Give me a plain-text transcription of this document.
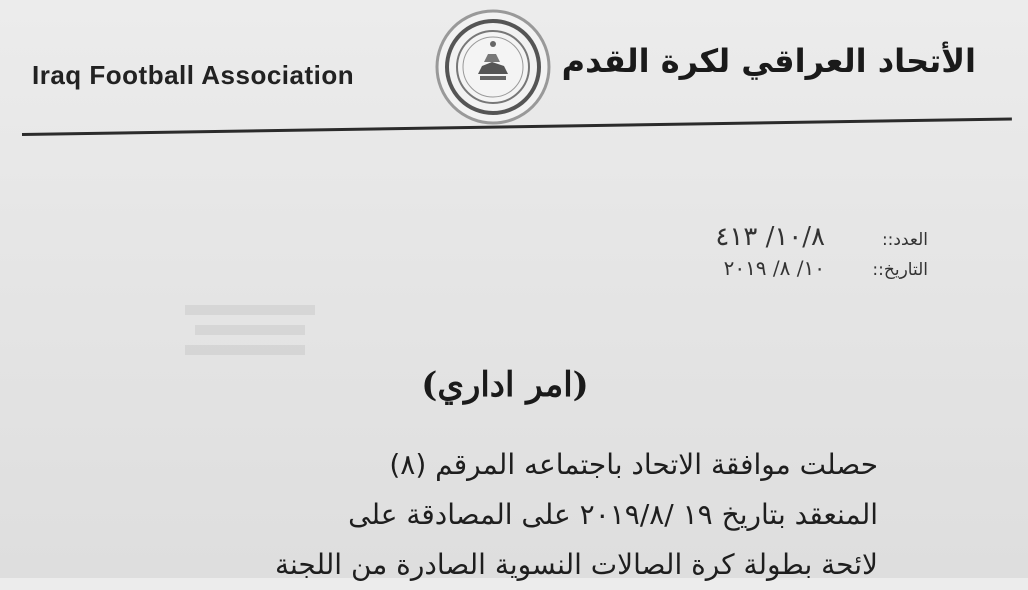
Iraq Football Association	الأتحاد العراقي لكرة القدم
العدد::
١٠/٨/ ٤١٣
التاريخ::
١٠/ ٨/ ٢٠١٩
(امر اداري)
حصلت موافقة الاتحاد باجتماعه المرقم (٨)
المنعقد بتاريخ ١٩ /٢٠١٩/٨ على المصادقة على
لائحة بطولة كرة الصالات النسوية الصادرة من اللجنة
